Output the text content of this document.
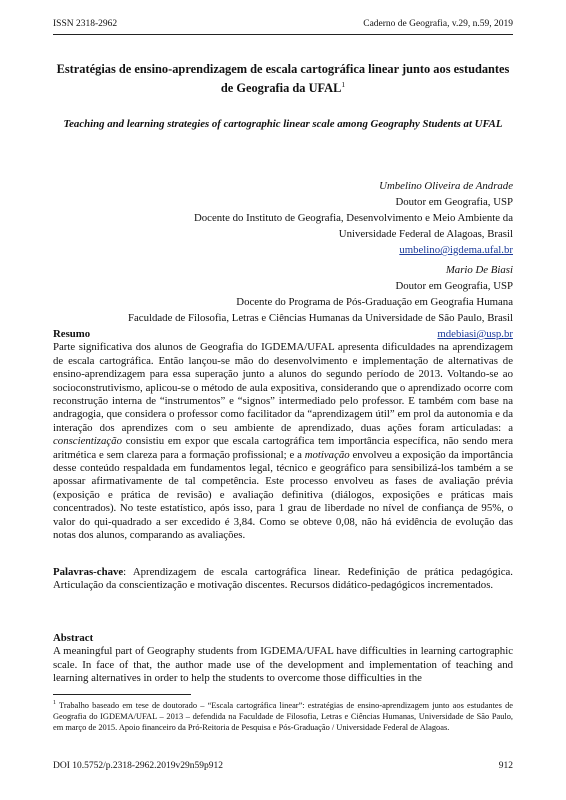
ISSN 2318-2962	Caderno de Geografia, v.29, n.59, 2019
Estratégias de ensino-aprendizagem de escala cartográfica linear junto aos estudantes de Geografia da UFAL$^1$
Teaching and learning strategies of cartographic linear scale among Geography Students at UFAL
Umbelino Oliveira de Andrade
Doutor em Geografia, USP
Docente do Instituto de Geografia, Desenvolvimento e Meio Ambiente da
Universidade Federal de Alagoas, Brasil
umbelino@igdema.ufal.br
Mario De Biasi
Doutor em Geografia, USP
Docente do Programa de Pós-Graduação em Geografia Humana
Faculdade de Filosofia, Letras e Ciências Humanas da Universidade de São Paulo, Brasil
mdebiasi@usp.br
Resumo
Parte significativa dos alunos de Geografia do IGDEMA/UFAL apresenta dificuldades na aprendizagem de escala cartográfica. Então lançou-se mão do desenvolvimento e implementação de alternativas de ensino-aprendizagem para essa superação junto a alunos do segundo período de 2013. Voltando-se ao socioconstrutivismo, aplicou-se o método de aula expositiva, considerando que o aprendizado ocorre com reconstrução interna de “instrumentos” e “signos” intermediado pelo professor. E também com base na andragogia, que considera o professor como facilitador da “aprendizagem útil” em prol da autonomia e da interação dos aprendizes com o seu ambiente de aprendizado, duas ações foram articuladas: a conscientização consistiu em expor que escala cartográfica tem importância específica, não sendo mera aritmética e sem clareza para a formação profissional; e a motivação envolveu a exposição da importância desse conteúdo respaldada em fundamentos legal, técnico e geográfico para sensibilizá-los também a se apossar afirmativamente de tal competência. Este processo envolveu as fases de avaliação prévia (exposição e prática de revisão) e avaliação definitiva (diálogos, exposições e práticas mais concentrados). No teste estatístico, após isso, para 1 grau de liberdade no nível de confiança de 95%, o valor do qui-quadrado a ser excedido é 3,84. Como se obteve 0,08, não há evidência de evolução das notas dos alunos, comparando as avaliações.
Palavras-chave: Aprendizagem de escala cartográfica linear. Redefinição de prática pedagógica. Articulação da conscientização e motivação discentes. Recursos didático-pedagógicos incrementados.
Abstract
A meaningful part of Geography students from IGDEMA/UFAL have difficulties in learning cartographic scale. In face of that, the author made use of the development and implementation of teaching and learning alternatives in order to help the students to overcome those difficulties in the
$^1$ Trabalho baseado em tese de doutorado – “Escala cartográfica linear”: estratégias de ensino-aprendizagem junto aos estudantes de Geografia do IGDEMA/UFAL – 2013 – defendida na Faculdade de Filosofia, Letras e Ciências Humanas, Universidade de São Paulo, em março de 2015. Apoio financeiro da Pró-Reitoria de Pesquisa e Pós-Graduação / Universidade Federal de Alagoas.
DOI 10.5752/p.2318-2962.2019v29n59p912	912
